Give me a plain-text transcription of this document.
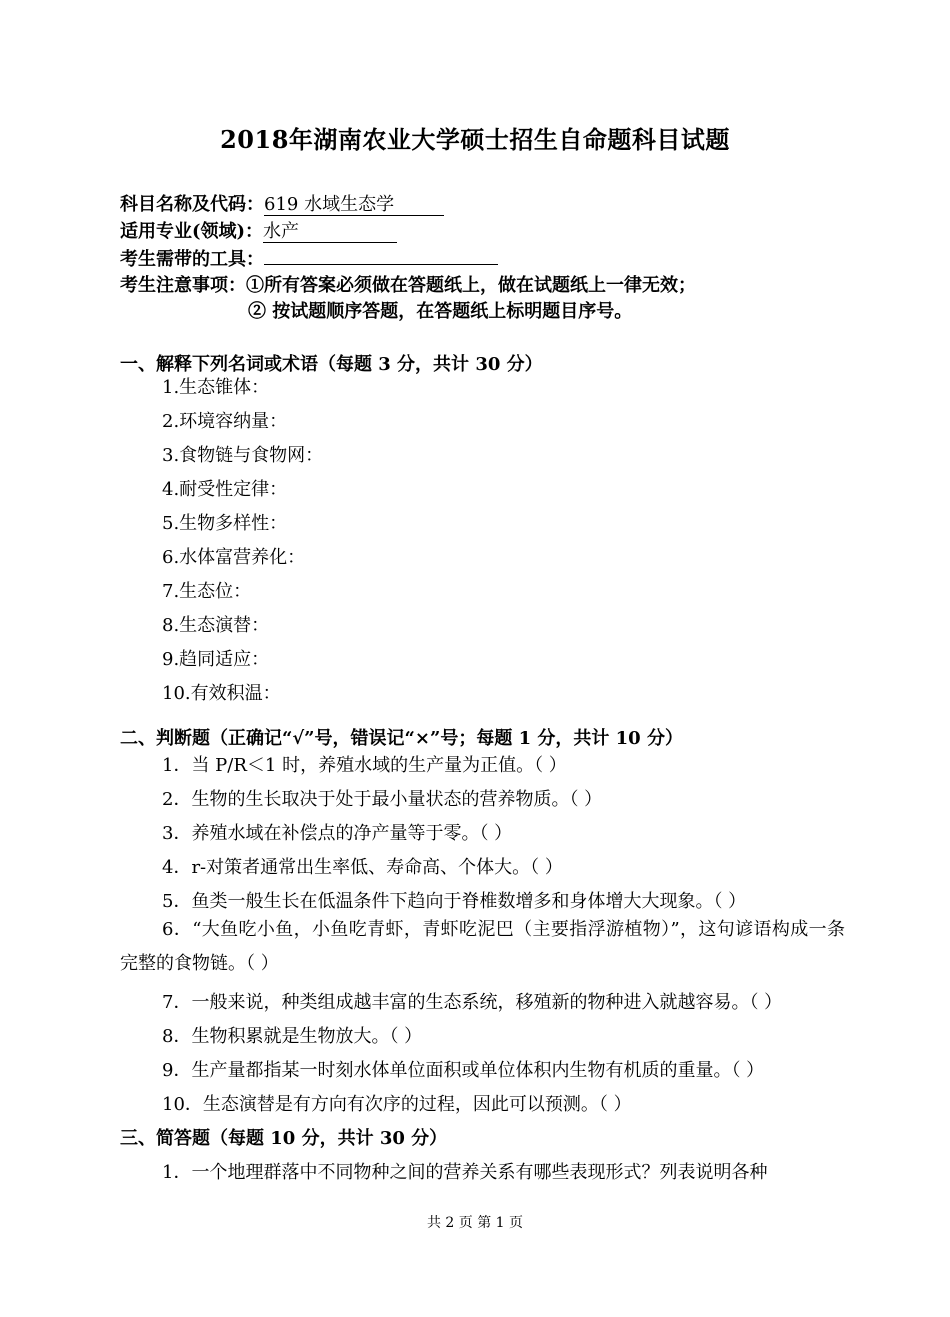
2018年湖南农业大学硕士招生自命题科目试题
科目名称及代码：619 水域生态学
适用专业(领域)：水产
考生需带的工具：
考生注意事项：①所有答案必须做在答题纸上，做在试题纸上一律无效；
② 按试题顺序答题，在答题纸上标明题目序号。
一、解释下列名词或术语（每题 3 分，共计 30 分）
1.生态锥体：
2.环境容纳量：
3.食物链与食物网：
4.耐受性定律：
5.生物多样性：
6.水体富营养化：
7.生态位：
8.生态演替：
9.趋同适应：
10.有效积温：
二、判断题（正确记“√”号，错误记“×”号；每题 1 分，共计 10 分）
1．当 P/R＜1 时，养殖水域的生产量为正值。（ ）
2．生物的生长取决于处于最小量状态的营养物质。（ ）
3．养殖水域在补偿点的净产量等于零。（ ）
4．r-对策者通常出生率低、寿命高、个体大。（ ）
5．鱼类一般生长在低温条件下趋向于脊椎数增多和身体增大大现象。（ ）
6．“大鱼吃小鱼，小鱼吃青虾，青虾吃泥巴（主要指浮游植物）”，这句谚语构成一条完整的食物链。（ ）
7．一般来说，种类组成越丰富的生态系统，移殖新的物种进入就越容易。（ ）
8．生物积累就是生物放大。（ ）
9．生产量都指某一时刻水体单位面积或单位体积内生物有机质的重量。（ ）
10．生态演替是有方向有次序的过程，因此可以预测。（ ）
三、简答题（每题 10 分，共计 30 分）
1．一个地理群落中不同物种之间的营养关系有哪些表现形式？列表说明各种
共 2 页 第 1 页
